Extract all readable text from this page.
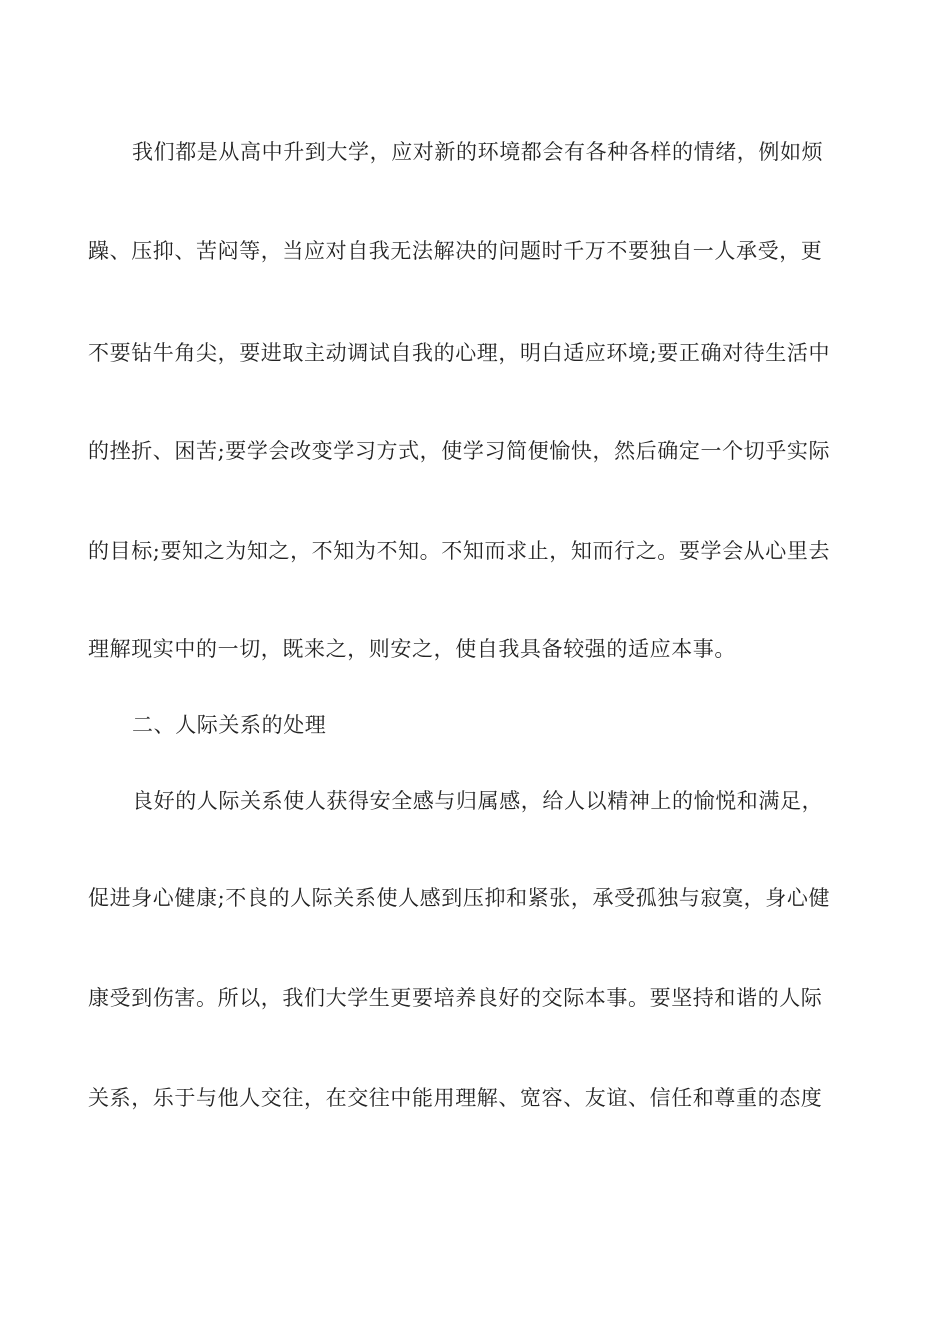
我们都是从高中升到大学，应对新的环境都会有各种各样的情绪，例如烦
躁、压抑、苦闷等，当应对自我无法解决的问题时千万不要独自一人承受，更
不要钻牛角尖，要进取主动调试自我的心理，明白适应环境;要正确对待生活中
的挫折、困苦;要学会改变学习方式，使学习简便愉快，然后确定一个切乎实际
的目标;要知之为知之，不知为不知。不知而求止，知而行之。要学会从心里去
理解现实中的一切，既来之，则安之，使自我具备较强的适应本事。
二、人际关系的处理
良好的人际关系使人获得安全感与归属感，给人以精神上的愉悦和满足，
促进身心健康;不良的人际关系使人感到压抑和紧张，承受孤独与寂寞，身心健
康受到伤害。所以，我们大学生更要培养良好的交际本事。要坚持和谐的人际
关系，乐于与他人交往，在交往中能用理解、宽容、友谊、信任和尊重的态度
